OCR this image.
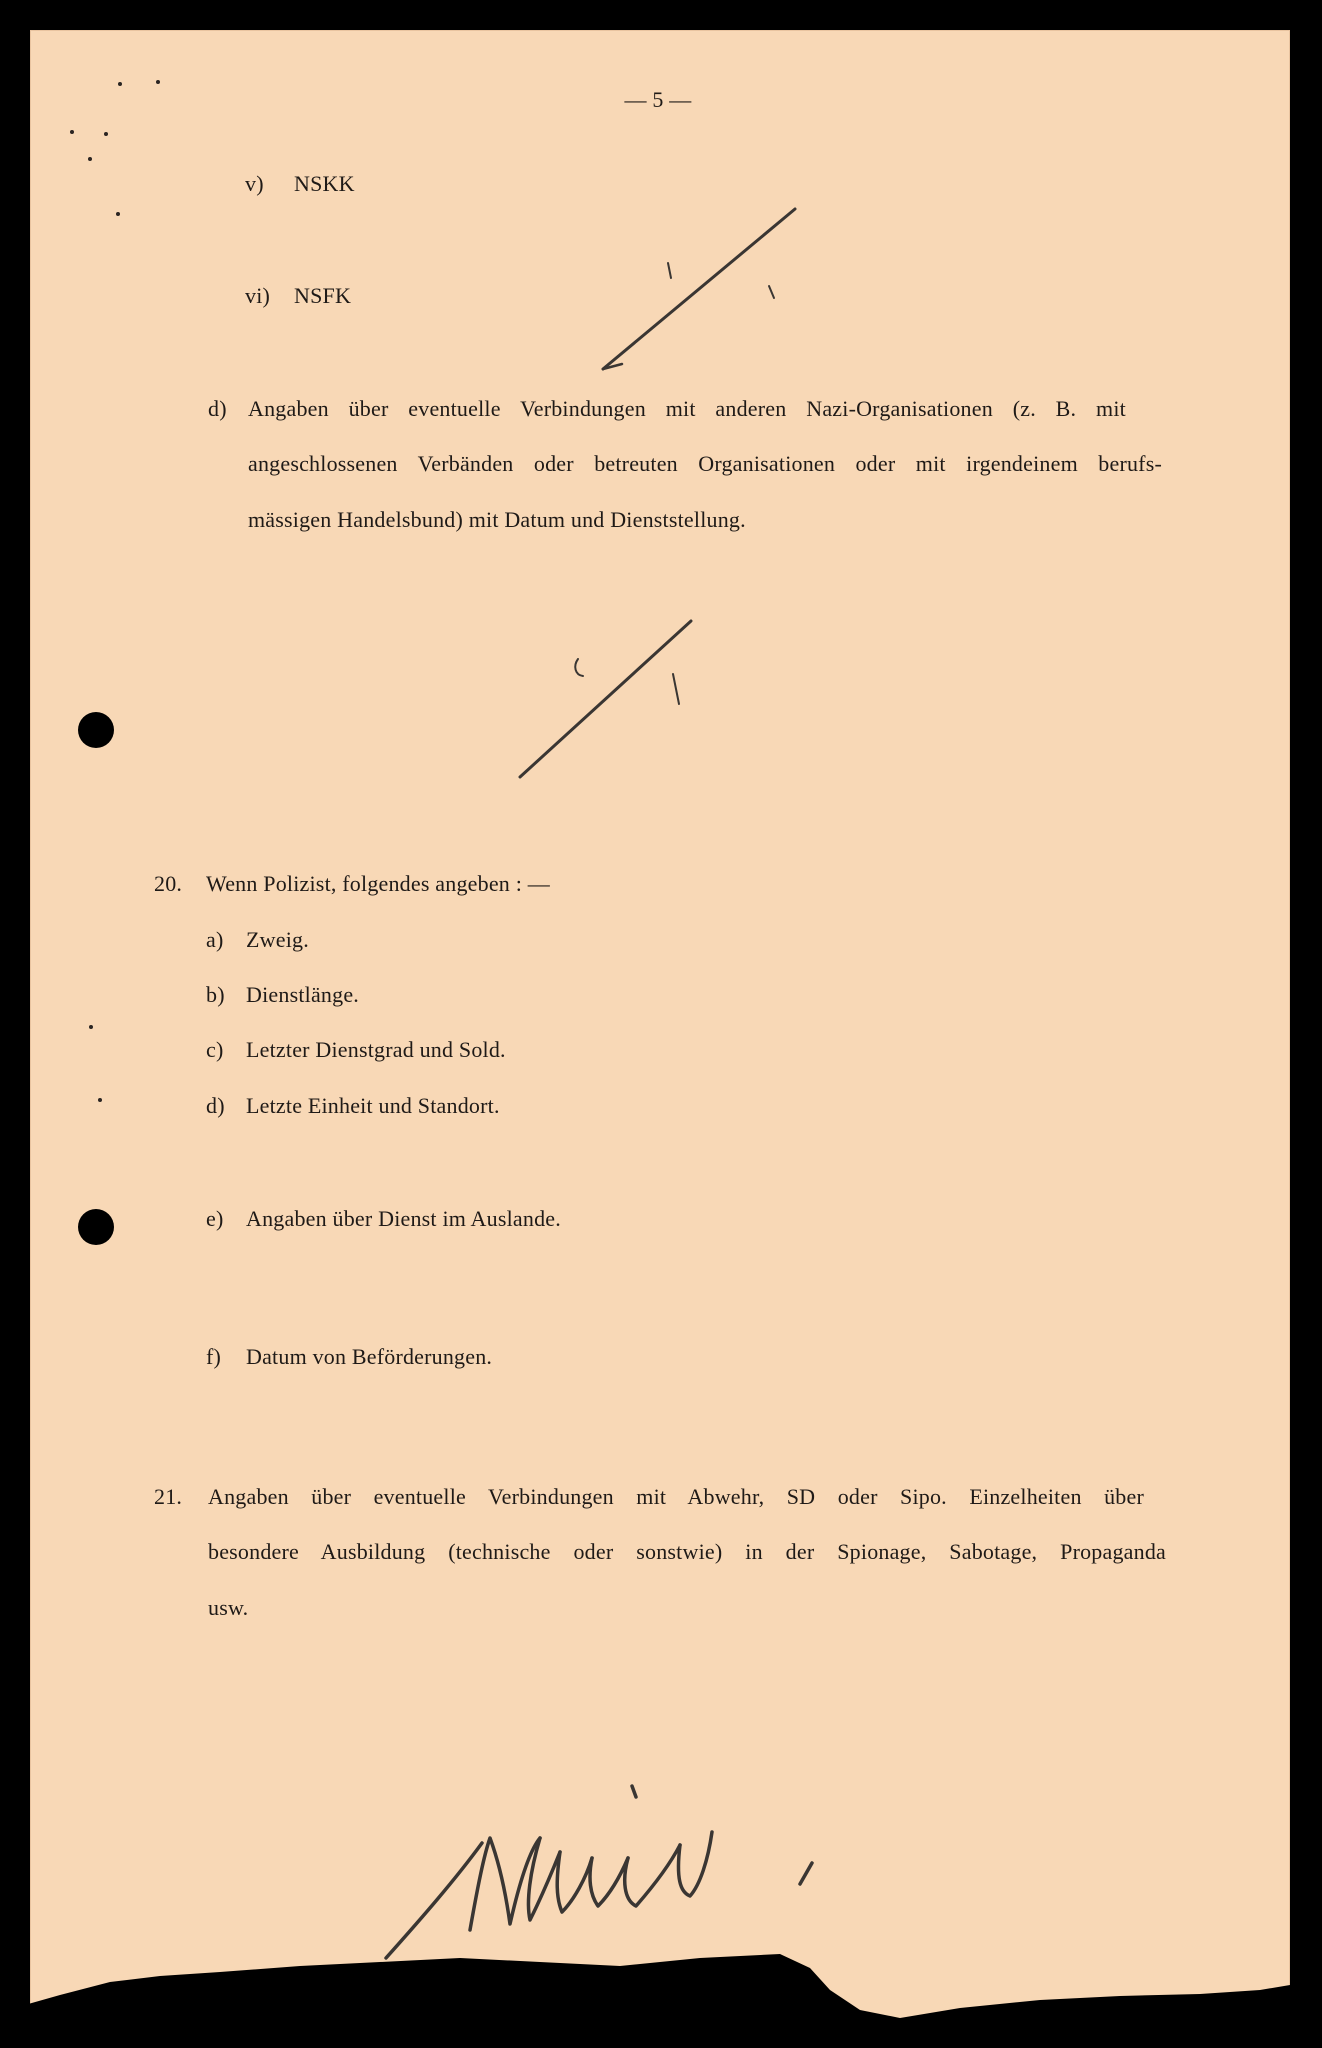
— 5 —
v) NSKK
vi) NSFK
d) Angaben über eventuelle Verbindungen mit anderen Nazi-Organisationen (z. B. mit
angeschlossenen Verbänden oder betreuten Organisationen oder mit irgendeinem berufs-
mässigen Handelsbund) mit Datum und Dienststellung.
20. Wenn Polizist, folgendes angeben : —
a) Zweig.
b) Dienstlänge.
c) Letzter Dienstgrad und Sold.
d) Letzte Einheit und Standort.
e) Angaben über Dienst im Auslande.
f) Datum von Beförderungen.
21. Angaben über eventuelle Verbindungen mit Abwehr, SD oder Sipo. Einzelheiten über
besondere Ausbildung (technische oder sonstwie) in der Spionage, Sabotage, Propaganda
usw.
